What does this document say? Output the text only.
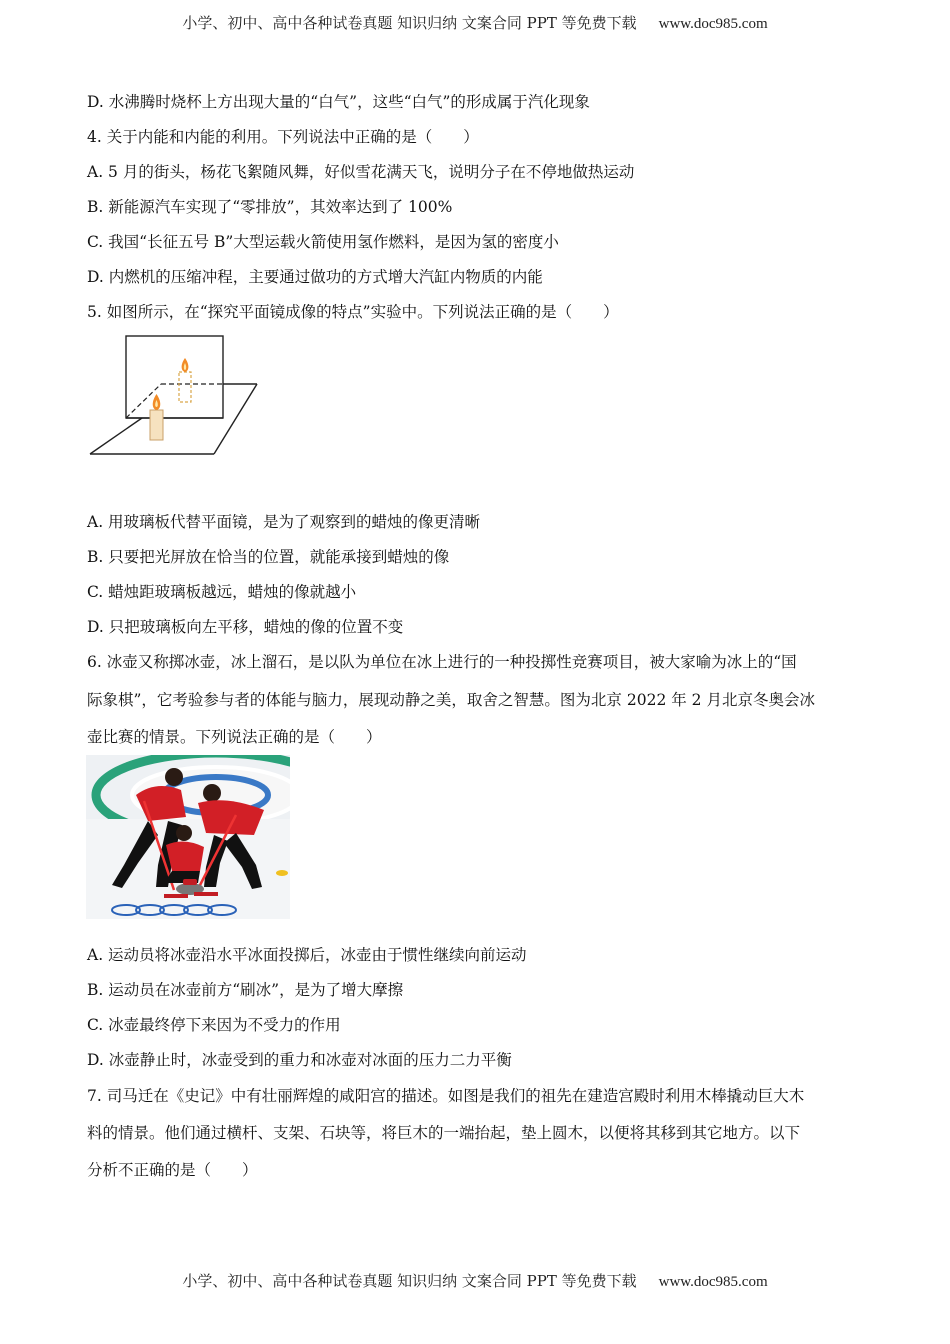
小学、初中、高中各种试卷真题 知识归纳 文案合同 PPT 等免费下载 www.doc985.com
D. 水沸腾时烧杯上方出现大量的“白气”，这些“白气”的形成属于汽化现象
4. 关于内能和内能的利用。下列说法中正确的是（　　）
A. 5 月的街头，杨花飞絮随风舞，好似雪花满天飞，说明分子在不停地做热运动
B. 新能源汽车实现了“零排放”，其效率达到了 100%
C. 我国“长征五号 B”大型运载火箭使用氢作燃料，是因为氢的密度小
D. 内燃机的压缩冲程，主要通过做功的方式增大汽缸内物质的内能
5. 如图所示，在“探究平面镜成像的特点”实验中。下列说法正确的是（　　）
A. 用玻璃板代替平面镜，是为了观察到的蜡烛的像更清晰
B. 只要把光屏放在恰当的位置，就能承接到蜡烛的像
C. 蜡烛距玻璃板越远，蜡烛的像就越小
D. 只把玻璃板向左平移，蜡烛的像的位置不变
6. 冰壶又称掷冰壶，冰上溜石，是以队为单位在冰上进行的一种投掷性竞赛项目，被大家喻为冰上的“国
际象棋”，它考验参与者的体能与脑力，展现动静之美，取舍之智慧。图为北京 2022 年 2 月北京冬奥会冰
壶比赛的情景。下列说法正确的是（　　）
A. 运动员将冰壶沿水平冰面投掷后，冰壶由于惯性继续向前运动
B. 运动员在冰壶前方“刷冰”，是为了增大摩擦
C. 冰壶最终停下来因为不受力的作用
D. 冰壶静止时，冰壶受到的重力和冰壶对冰面的压力二力平衡
7. 司马迁在《史记》中有壮丽辉煌的咸阳宫的描述。如图是我们的祖先在建造宫殿时利用木棒撬动巨大木
料的情景。他们通过横杆、支架、石块等，将巨木的一端抬起，垫上圆木，以便将其移到其它地方。以下
分析不正确的是（　　）
小学、初中、高中各种试卷真题 知识归纳 文案合同 PPT 等免费下载 www.doc985.com
